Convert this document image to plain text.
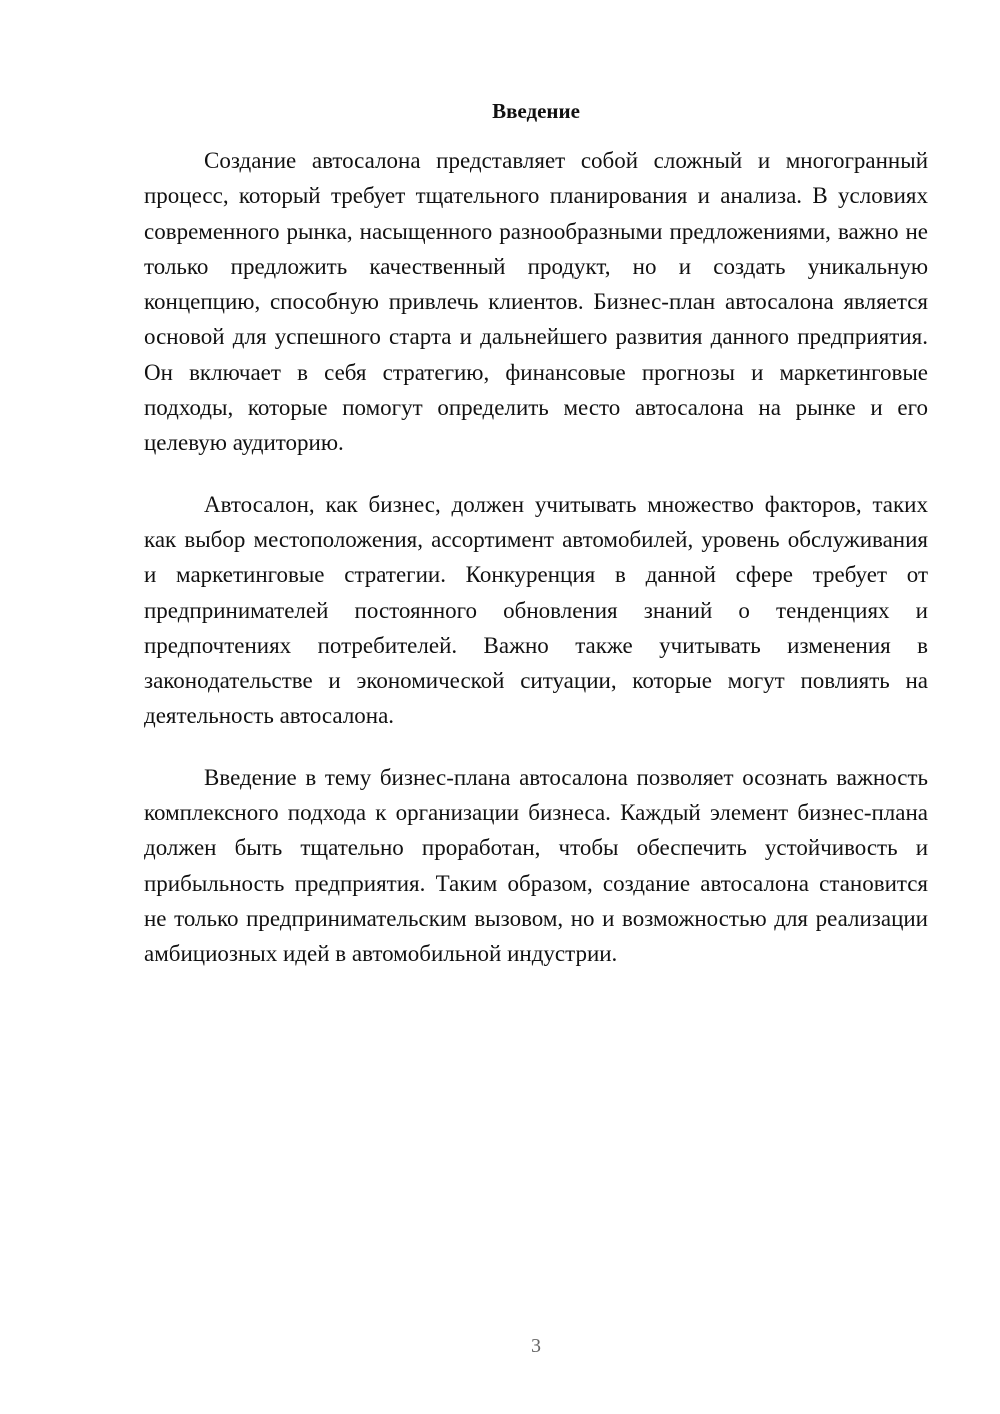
Введение

Создание автосалона представляет собой сложный и многогранный процесс, который требует тщательного планирования и анализа. В условиях современного рынка, насыщенного разнообразными предложениями, важно не только предложить качественный продукт, но и создать уникальную концепцию, способную привлечь клиентов. Бизнес-план автосалона является основой для успешного старта и дальнейшего развития данного предприятия. Он включает в себя стратегию, финансовые прогнозы и маркетинговые подходы, которые помогут определить место автосалона на рынке и его целевую аудиторию.

Автосалон, как бизнес, должен учитывать множество факторов, таких как выбор местоположения, ассортимент автомобилей, уровень обслуживания и маркетинговые стратегии. Конкуренция в данной сфере требует от предпринимателей постоянного обновления знаний о тенденциях и предпочтениях потребителей. Важно также учитывать изменения в законодательстве и экономической ситуации, которые могут повлиять на деятельность автосалона.

Введение в тему бизнес-плана автосалона позволяет осознать важность комплексного подхода к организации бизнеса. Каждый элемент бизнес-плана должен быть тщательно проработан, чтобы обеспечить устойчивость и прибыльность предприятия. Таким образом, создание автосалона становится не только предпринимательским вызовом, но и возможностью для реализации амбициозных идей в автомобильной индустрии.

3
